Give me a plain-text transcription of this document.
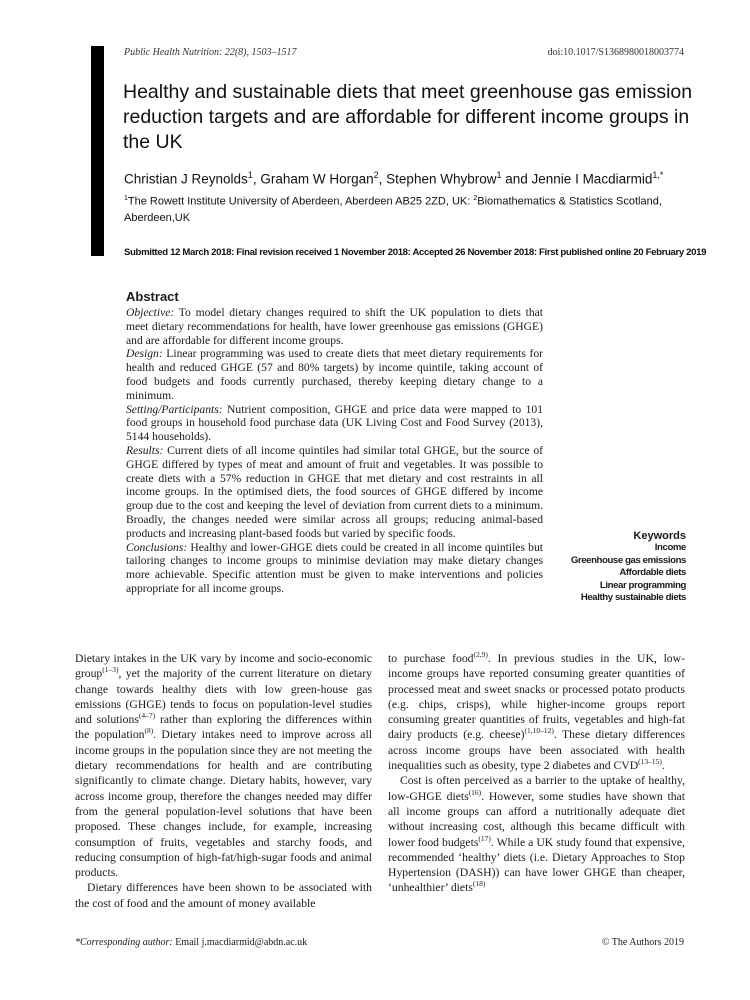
Public Health Nutrition: 22(8), 1503–1517	doi:10.1017/S1368980018003774
Healthy and sustainable diets that meet greenhouse gas emission reduction targets and are affordable for different income groups in the UK
Christian J Reynolds$^1$, Graham W Horgan$^2$, Stephen Whybrow$^1$ and Jennie I Macdiarmid$^{1,*}$
$^1$The Rowett Institute University of Aberdeen, Aberdeen AB25 2ZD, UK: $^2$Biomathematics & Statistics Scotland, Aberdeen,UK
Submitted 12 March 2018: Final revision received 1 November 2018: Accepted 26 November 2018: First published online 20 February 2019
Abstract

Objective: To model dietary changes required to shift the UK population to diets that meet dietary recommendations for health, have lower greenhouse gas emissions (GHGE) and are affordable for different income groups.

Design: Linear programming was used to create diets that meet dietary requirements for health and reduced GHGE (57 and 80% targets) by income quintile, taking account of food budgets and foods currently purchased, thereby keeping dietary change to a minimum.

Setting/Participants: Nutrient composition, GHGE and price data were mapped to 101 food groups in household food purchase data (UK Living Cost and Food Survey (2013), 5144 households).

Results: Current diets of all income quintiles had similar total GHGE, but the source of GHGE differed by types of meat and amount of fruit and vegetables. It was possible to create diets with a 57% reduction in GHGE that met dietary and cost restraints in all income groups. In the optimised diets, the food sources of GHGE differed by income group due to the cost and keeping the level of deviation from current diets to a minimum. Broadly, the changes needed were similar across all groups; reducing animal-based products and increasing plant-based foods but varied by specific foods.

Conclusions: Healthy and lower-GHGE diets could be created in all income quintiles but tailoring changes to income groups to minimise deviation may make dietary changes more achievable. Specific attention must be given to make interventions and policies appropriate for all income groups.

Keywords
Income
Greenhouse gas emissions
Affordable diets
Linear programming
Healthy sustainable diets

Dietary intakes in the UK vary by income and socio-economic group$^{(1-3)}$, yet the majority of the current literature on dietary change towards healthy diets with low green-house gas emissions (GHGE) tends to focus on population-level studies and solutions$^{(4-7)}$ rather than exploring the differences within the population$^{(8)}$. Dietary intakes need to improve across all income groups in the population since they are not meeting the dietary recommendations for health and are contributing significantly to climate change. Dietary habits, however, vary across income group, therefore the changes needed may differ from the general population-level solutions that have been proposed. These changes include, for example, increasing consumption of fruits, vegetables and starchy foods, and reducing consumption of high-fat/high-sugar foods and animal products.

Dietary differences have been shown to be associated with the cost of food and the amount of money available

to purchase food$^{(2,9)}$. In previous studies in the UK, low-income groups have reported consuming greater quantities of processed meat and sweet snacks or processed potato products (e.g. chips, crisps), while higher-income groups report consuming greater quantities of fruits, vegetables and high-fat dairy products (e.g. cheese)$^{(1,10-12)}$. These dietary differences across income groups have been associated with health inequalities such as obesity, type 2 diabetes and CVD$^{(13-15)}$.

Cost is often perceived as a barrier to the uptake of healthy, low-GHGE diets$^{(16)}$. However, some studies have shown that all income groups can afford a nutritionally adequate diet without increasing cost, although this became difficult with lower food budgets$^{(17)}$. While a UK study found that expensive, recommended ‘healthy’ diets (i.e. Dietary Approaches to Stop Hypertension (DASH)) can have lower GHGE than cheaper, ‘unhealthier’ diets$^{(18)}$

*Corresponding author: Email j.macdiarmid@abdn.ac.uk	© The Authors 2019
